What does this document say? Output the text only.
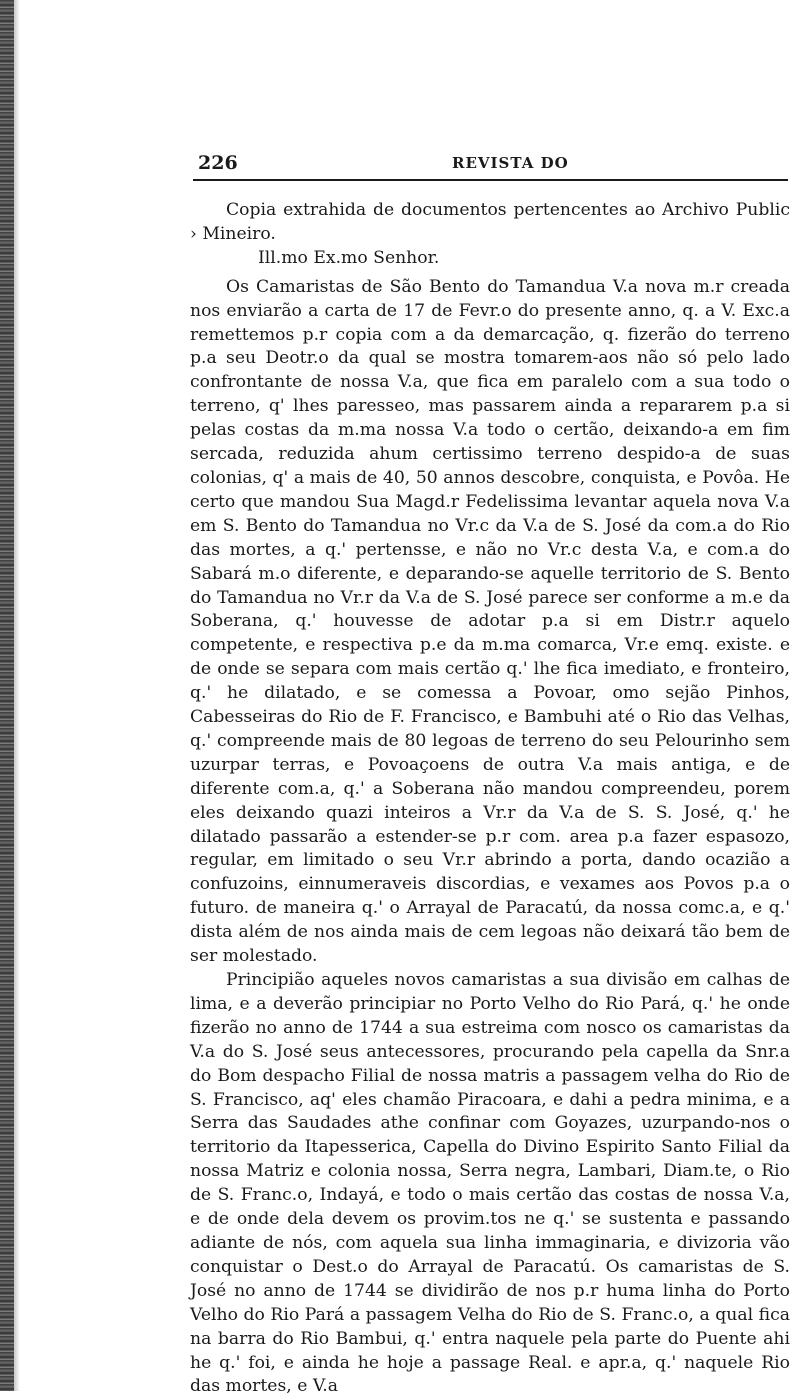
226	REVISTA DO

Copia extrahida de documentos pertencentes ao Archivo Public › Mineiro.

Ill.mo Ex.mo Senhor.

Os Camaristas de São Bento do Tamandua V.a nova m.r creada nos enviarão a carta de 17 de Fevr.o do presente anno, q. a V. Exc.a remettemos p.r copia com a da demarcação, q. fizerão do terreno p.a seu Deotr.o da qual se mostra tomarem-aos não só pelo lado confrontante de nossa V.a, que fica em paralelo com a sua todo o terreno, q' lhes paresseo, mas passarem ainda a repararem p.a si pelas costas da m.ma nossa V.a todo o certão, deixando-a em fim sercada, reduzida ahum certissimo terreno despido-a de suas colonias, q' a mais de 40, 50 annos descobre, conquista, e Povôa. He certo que mandou Sua Magd.r Fedelissima levantar aquela nova V.a em S. Bento do Tamandua no Vr.c da V.a de S. José da com.a do Rio das mortes, a q.' pertensse, e não no Vr.c desta V.a, e com.a do Sabará m.o diferente, e deparando-se aquelle territorio de S. Bento do Tamandua no Vr.r da V.a de S. José parece ser conforme a m.e da Soberana, q.' houvesse de adotar p.a si em Distr.r aquelo competente, e respectiva p.e da m.ma comarca, Vr.e emq. existe. e de onde se separa com mais certão q.' lhe fica imediato, e fronteiro, q.' he dilatado, e se comessa a Povoar, omo sejão Pinhos, Cabesseiras do Rio de F. Francisco, e Bambuhi até o Rio das Velhas, q.' compreende mais de 80 legoas de terreno do seu Pelourinho sem uzurpar terras, e Povoaçoens de outra V.a mais antiga, e de diferente com.a, q.' a Soberana não mandou compreendeu, porem eles deixando quazi inteiros a Vr.r da V.a de S. S. José, q.' he dilatado passarão a estender-se p.r com. area p.a fazer espasozo, regular, em limitado o seu Vr.r abrindo a porta, dando ocazião a confuzoins, einnumeraveis discordias, e vexames aos Povos p.a o futuro. de maneira q.' o Arrayal de Paracatú, da nossa comc.a, e q.' dista além de nos ainda mais de cem legoas não deixará tão bem de ser molestado.

Principião aqueles novos camaristas a sua divisão em calhas de lima, e a deverão principiar no Porto Velho do Rio Pará, q.' he onde fizerão no anno de 1744 a sua estreima com nosco os camaristas da V.a do S. José seus antecessores, procurando pela capella da Snr.a do Bom despacho Filial de nossa matris a passagem velha do Rio de S. Francisco, aq' eles chamão Piracoara, e dahi a pedra minima, e a Serra das Saudades athe confinar com Goyazes, uzurpando-nos o territorio da Itapesserica, Capella do Divino Espirito Santo Filial da nossa Matriz e colonia nossa, Serra negra, Lambari, Diam.te, o Rio de S. Franc.o, Indayá, e todo o mais certão das costas de nossa V.a, e de onde dela devem os provim.tos ne q.' se sustenta e passando adiante de nós, com aquela sua linha immaginaria, e divizoria vão conquistar o Dest.o do Arrayal de Paracatú. Os camaristas de S. José no anno de 1744 se dividirão de nos p.r huma linha do Porto Velho do Rio Pará a passagem Velha do Rio de S. Franc.o, a qual fica na barra do Rio Bambui, q.' entra naquele pela parte do Puente ahi he q.' foi, e ainda he hoje a passage Real. e apr.a, q.' naquele Rio das mortes, e V.a
